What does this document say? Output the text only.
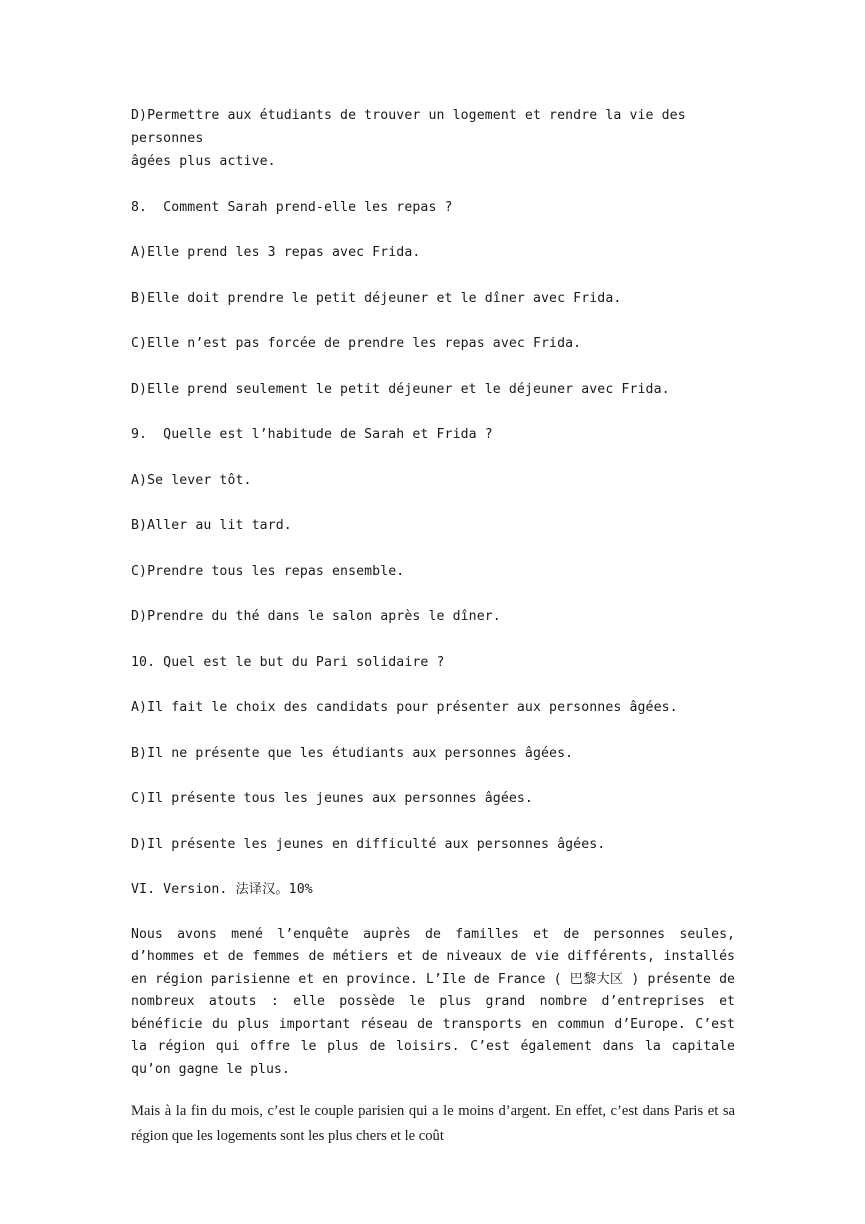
D)Permettre aux étudiants de trouver un logement et rendre la vie des personnes

âgées plus active.

8.  Comment Sarah prend-elle les repas ?

A)Elle prend les 3 repas avec Frida.

B)Elle doit prendre le petit déjeuner et le dîner avec Frida.

C)Elle n’est pas forcée de prendre les repas avec Frida.

D)Elle prend seulement le petit déjeuner et le déjeuner avec Frida.

9.  Quelle est l’habitude de Sarah et Frida ?

A)Se lever tôt.

B)Aller au lit tard.

C)Prendre tous les repas ensemble.

D)Prendre du thé dans le salon après le dîner.

10. Quel est le but du Pari solidaire ?

A)Il fait le choix des candidats pour présenter aux personnes âgées.

B)Il ne présente que les étudiants aux personnes âgées.

C)Il présente tous les jeunes aux personnes âgées.

D)Il présente les jeunes en difficulté aux personnes âgées.

VI. Version. 法译汉。10%

Nous avons mené l’enquête auprès de familles et de personnes seules, d’hommes et de femmes de métiers et de niveaux de vie différents, installés en région parisienne et en province. L’Ile de France ( 巴黎大区 ) présente de nombreux atouts : elle possède le plus grand nombre d’entreprises et bénéficie du plus important réseau de transports en commun d’Europe. C’est la région qui offre le plus de loisirs. C’est également dans la capitale qu’on gagne le plus.

Mais à la fin du mois, c’est le couple parisien qui a le moins d’argent. En effet, c’est dans Paris et sa région que les logements sont les plus chers et le coût
